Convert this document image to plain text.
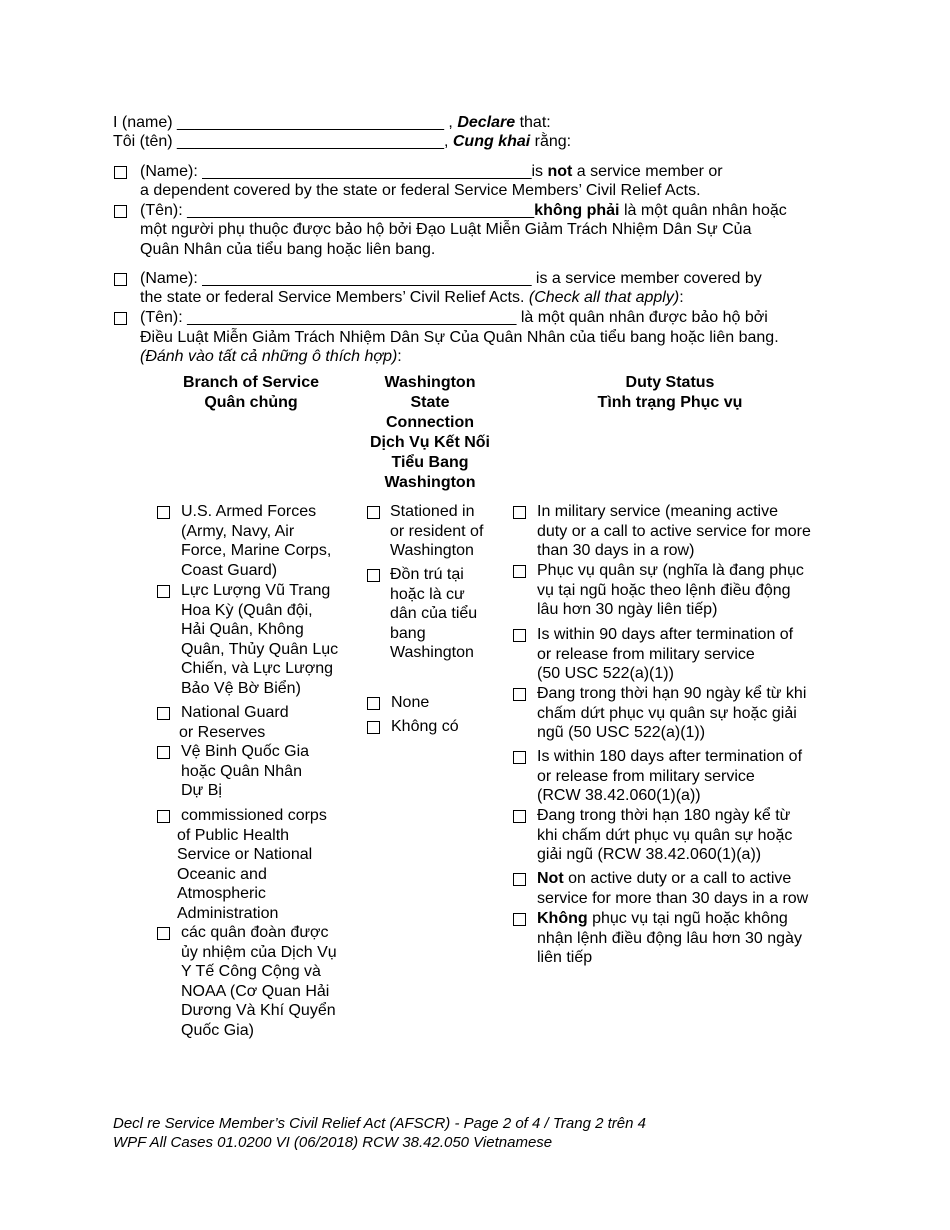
I (name) ______________________________ , Declare that:
Tôi (tên) ______________________________, Cung khai rằng:
(Name): _____________________________________is not a service member or
a dependent covered by the state or federal Service Members’ Civil Relief Acts.
(Tên): _______________________________________không phải là một quân nhân hoặc
một người phụ thuộc được bảo hộ bởi Đạo Luật Miễn Giảm Trách Nhiệm Dân Sự Của
Quân Nhân của tiểu bang hoặc liên bang.
(Name): _____________________________________ is a service member covered by
the state or federal Service Members’ Civil Relief Acts. (Check all that apply):
(Tên): _____________________________________ là một quân nhân được bảo hộ bởi
Điều Luật Miễn Giảm Trách Nhiệm Dân Sự Của Quân Nhân của tiểu bang hoặc liên bang.
(Đánh vào tất cả những ô thích hợp):
Branch of Service
Quân chủng
Washington
State
Connection
Dịch Vụ Kết Nối
Tiểu Bang
Washington
Duty Status
Tình trạng Phục vụ
U.S. Armed Forces
(Army, Navy, Air
Force, Marine Corps,
Coast Guard)
Lực Lượng Vũ Trang
Hoa Kỳ (Quân đội,
Hải Quân, Không
Quân, Thủy Quân Lục
Chiến, và Lực Lượng
Bảo Vệ Bờ Biển)
National Guard
or Reserves
Vệ Binh Quốc Gia
hoặc Quân Nhân
Dự Bị
commissioned corps
of Public Health
Service or National
Oceanic and
Atmospheric
Administration
các quân đoàn được
ủy nhiệm của Dịch Vụ
Y Tế Công Cộng và
NOAA (Cơ Quan Hải
Dương Và Khí Quyển
Quốc Gia)
Stationed in
or resident of
Washington
Đồn trú tại
hoặc là cư
dân của tiểu
bang
Washington
None
Không có
In military service (meaning active
duty or a call to active service for more
than 30 days in a row)
Phục vụ quân sự (nghĩa là đang phục
vụ tại ngũ hoặc theo lệnh điều động
lâu hơn 30 ngày liên tiếp)
Is within 90 days after termination of
or release from military service
(50 USC 522(a)(1))
Đang trong thời hạn 90 ngày kể từ khi
chấm dứt phục vụ quân sự hoặc giải
ngũ (50 USC 522(a)(1))
Is within 180 days after termination of
or release from military service
(RCW 38.42.060(1)(a))
Đang trong thời hạn 180 ngày kể từ
khi chấm dứt phục vụ quân sự hoặc
giải ngũ (RCW 38.42.060(1)(a))
Not on active duty or a call to active
service for more than 30 days in a row
Không phục vụ tại ngũ hoặc không
nhận lệnh điều động lâu hơn 30 ngày
liên tiếp
Decl re Service Member’s Civil Relief Act (AFSCR) - Page 2 of 4 / Trang 2 trên 4
WPF All Cases 01.0200 VI (06/2018) RCW 38.42.050 Vietnamese
